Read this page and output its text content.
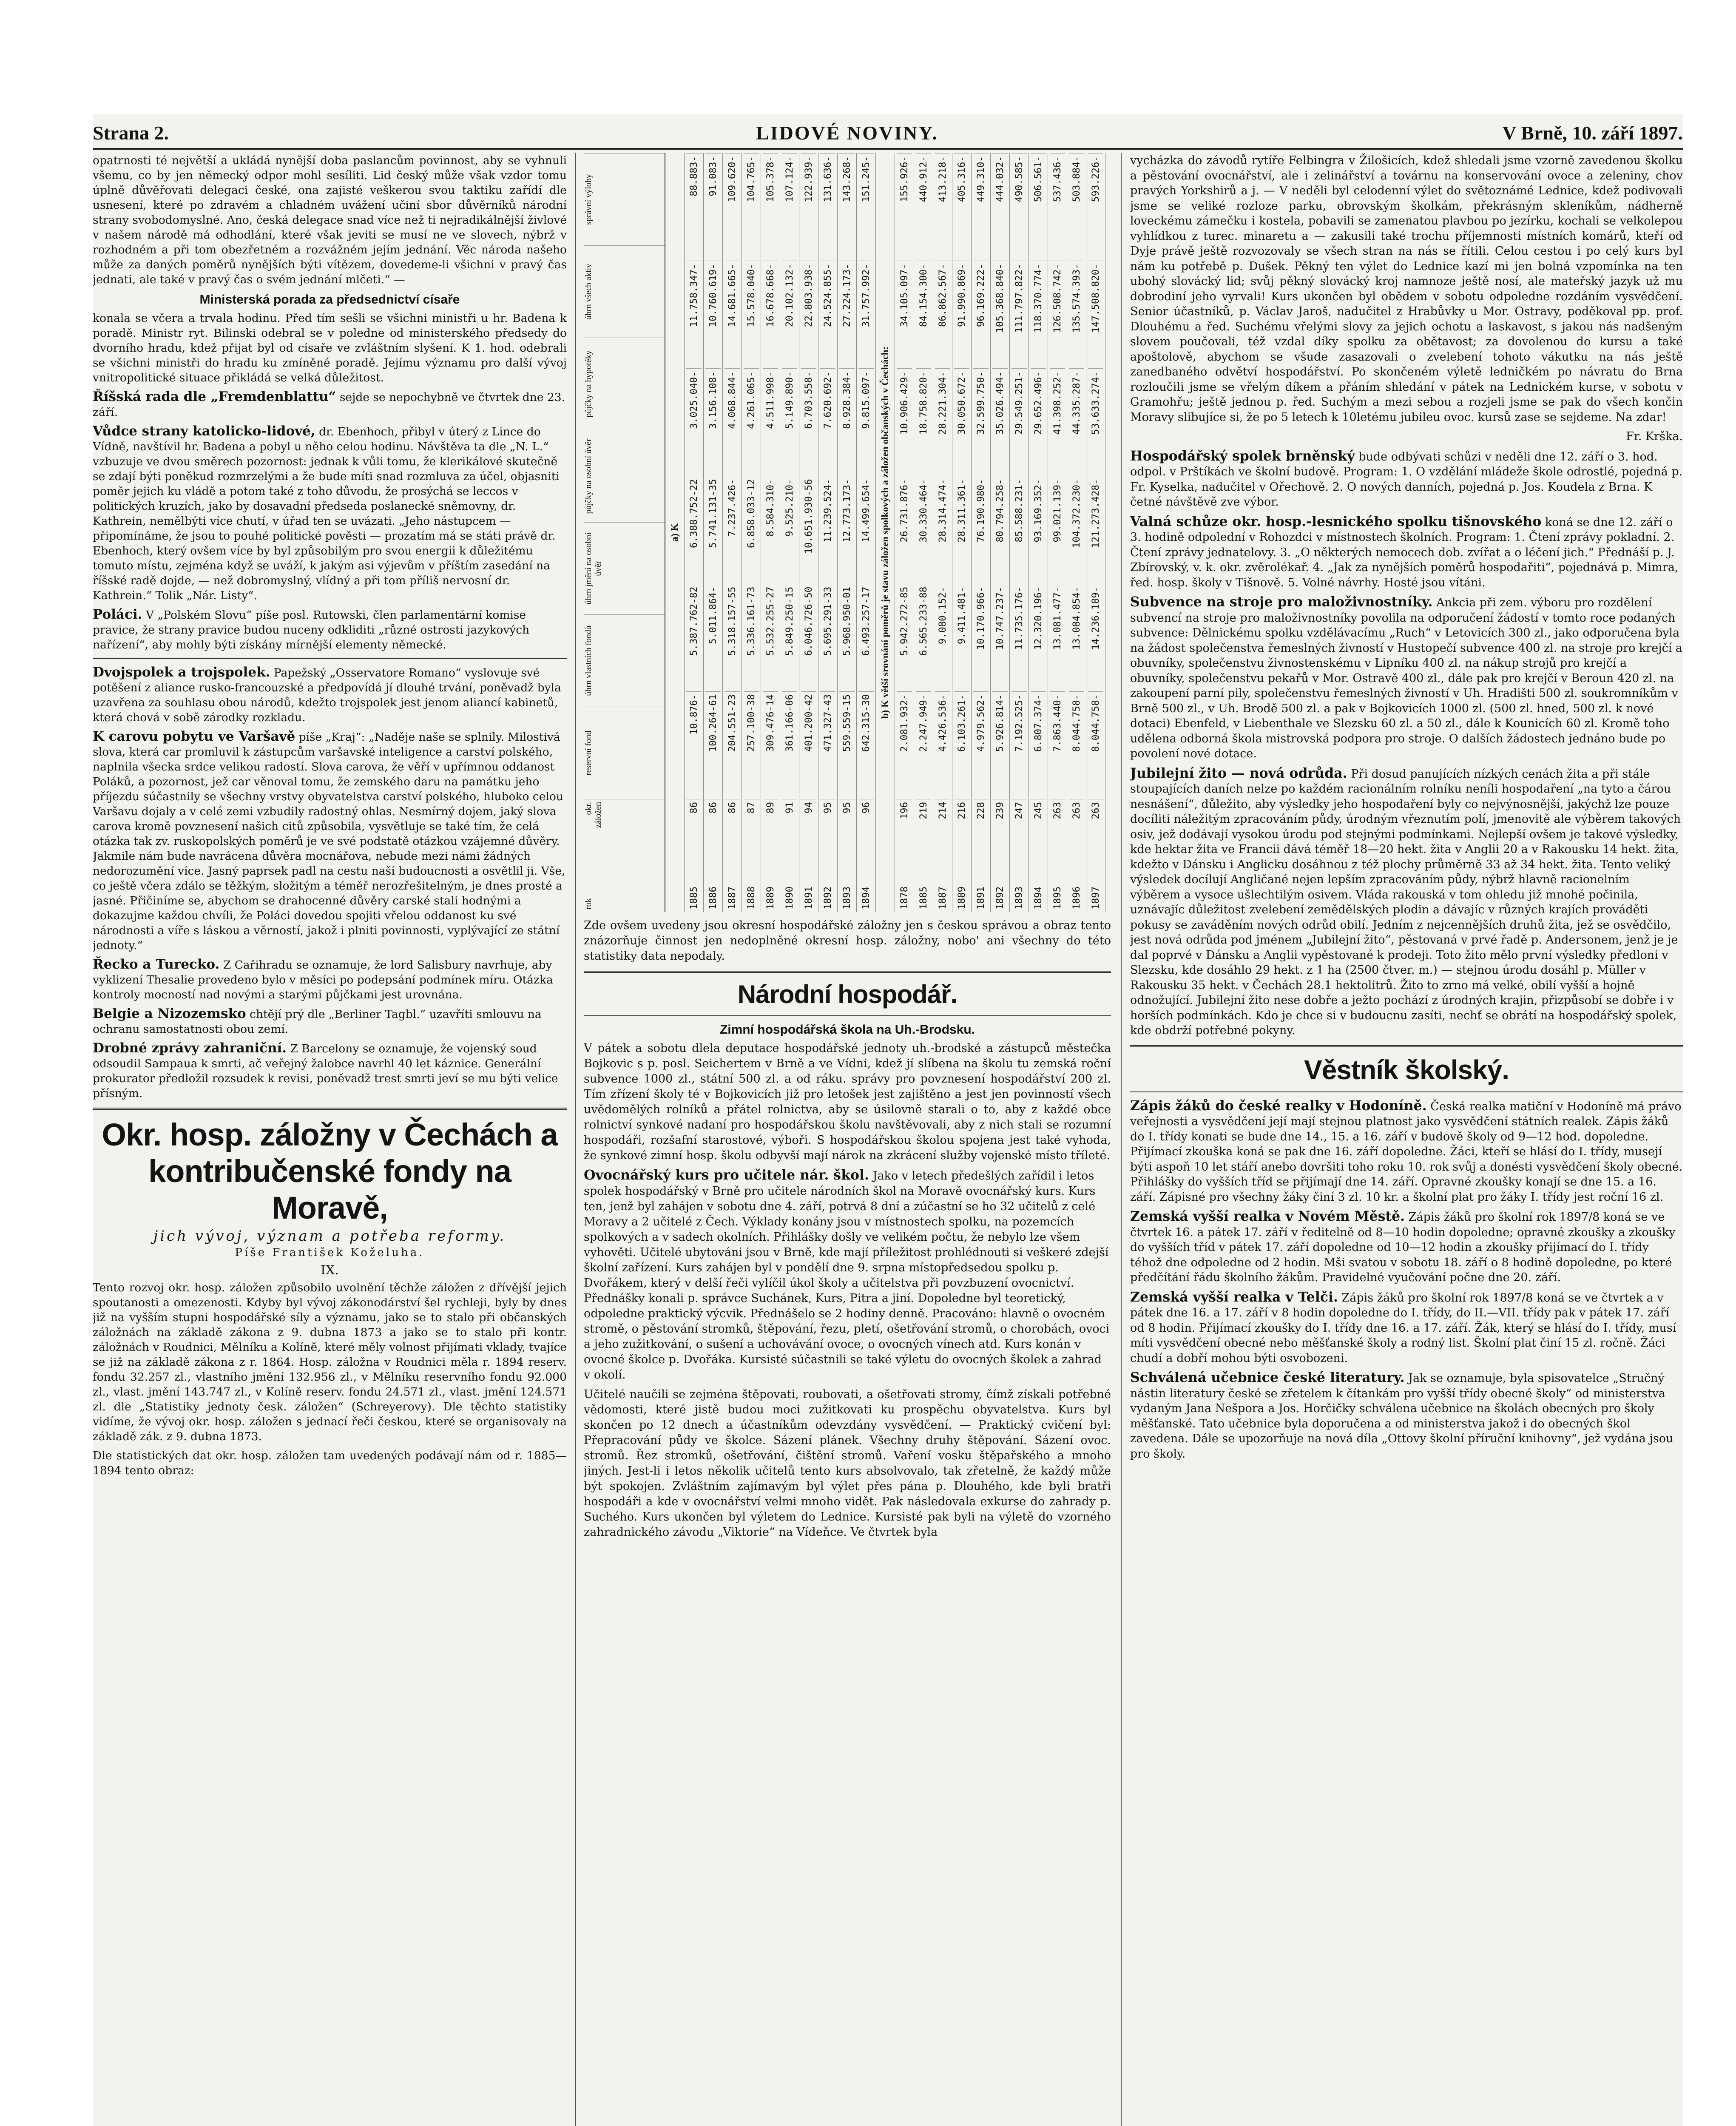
Strana 2.	LIDOVÉ NOVINY.	V Brně, 10. září 1897.

opatrnosti té největší a ukládá nynější doba paslancům povinnost, aby se vyhnuli všemu, co by jen německý odpor mohl sesíliti. Lid český může však vzdor tomu úplně důvěřovati delegaci české, ona zajisté veškerou svou taktiku zařídí dle usnesení, které po zdravém a chladném uvážení učiní sbor důvěrníků národní strany svobodomyslné. Ano, česká delegace snad více než ti nejradikálnější živlové v našem národě má odhodlání, které však jeviti se musí ne ve slovech, nýbrž v rozhodném a při tom obezřetném a rozvážném jejím jednání. Věc národa našeho může za daných poměrů nynějších býti vítězem, dovedeme-li všichni v pravý čas jednati, ale také v pravý čas o svém jednání mlčeti.“ —

Ministerská porada za předsednictví císaře

konala se včera a trvala hodinu. Před tím sešli se všichni ministři u hr. Badena k poradě. Ministr ryt. Bilinski odebral se v poledne od ministerského předsedy do dvorního hradu, kdež přijat byl od císaře ve zvláštním slyšení. K 1. hod. odebrali se všichni ministři do hradu ku zmíněné poradě. Jejímu významu pro další vývoj vnitropolitické situace přikládá se velká důležitost.

Říšská rada dle „Fremdenblattu“ sejde se nepochybně ve čtvrtek dne 23. září.

Vůdce strany katolicko-lidové, dr. Ebenhoch, přibyl v úterý z Lince do Vídně, navštívil hr. Badena a pobyl u něho celou hodinu. Návštěva ta dle „N. L.“ vzbuzuje ve dvou směrech pozornost: jednak k vůli tomu, že klerikálové skutečně se zdají býti poněkud rozmrzelými a že bude míti snad rozmluva za účel, objasniti poměr jejich ku vládě a potom také z toho důvodu, že prosýchá se leccos v politických kruzích, jako by dosavadní předseda poslanecké sněmovny, dr. Kathrein, nemělbýti více chutí, v úřad ten se uvázati. „Jeho nástupcem — připomínáme, že jsou to pouhé politické pověsti — prozatím má se státi právě dr. Ebenhoch, který ovšem více by byl způsobilým pro svou energii k důležitému tomuto místu, zejména když se uváží, k jakým asi výjevům v příštím zasedání na říšské radě dojde, — než dobromyslný, vlídný a při tom příliš nervosní dr. Kathrein.“ Tolik „Nár. Listy“.

Poláci. V „Polském Slovu“ píše posl. Rutowski, člen parlamentární komise pravice, že strany pravice budou nuceny odkliditi „různé ostrosti jazykových nařízení“, aby mohly býti získány mírnější elementy německé.

Dvojspolek a trojspolek. Papežský „Osservatore Romano“ vyslovuje své potěšení z aliance rusko-francouzské a předpovídá jí dlouhé trvání, poněvadž byla uzavřena za souhlasu obou národů, kdežto trojspolek jest jenom aliancí kabinetů, která chová v sobě zárodky rozkladu.

K carovu pobytu ve Varšavě píše „Kraj“: „Naděje naše se splnily. Milostivá slova, která car promluvil k zástupcům varšavské inteligence a carství polského, naplnila všecka srdce velikou radostí. Slova carova, že věří v upřímnou oddanost Poláků, a pozornost, jež car věnoval tomu, že zemského daru na památku jeho příjezdu súčastnily se všechny vrstvy obyvatelstva carství polského, hluboko celou Varšavu dojaly a v celé zemi vzbudily radostný ohlas. Nesmírný dojem, jaký slova carova kromě povznesení našich citů způsobila, vysvětluje se také tím, že celá otázka tak zv. ruskopolských poměrů je ve své podstatě otázkou vzájemné důvěry. Jakmile nám bude navrácena důvěra mocnářova, nebude mezi námi žádných nedorozumění více. Jasný paprsek padl na cestu naší budoucnosti a osvětlil ji. Vše, co ještě včera zdálo se těžkým, složitým a téměř nerozřešitelným, je dnes prosté a jasné. Přičiníme se, abychom se drahocenné důvěry carské stali hodnými a dokazujme každou chvíli, že Poláci dovedou spojiti vřelou oddanost ku své národnosti a víře s láskou a věrností, jakož i plniti povinnosti, vyplývající ze státní jednoty.“

Řecko a Turecko. Z Cařihradu se oznamuje, že lord Salisbury navrhuje, aby vyklizení Thesalie provedeno bylo v měsíci po podepsání podmínek míru. Otázka kontroly mocností nad novými a starými půjčkami jest urovnána.

Belgie a Nizozemsko chtějí prý dle „Berliner Tagbl.“ uzavříti smlouvu na ochranu samostatnosti obou zemí.

Drobné zprávy zahraniční. Z Barcelony se oznamuje, že vojenský soud odsoudil Sampaua k smrti, ač veřejný žalobce navrhl 40 let káznice. Generální prokurator předložil rozsudek k revisi, poněvadž trest smrti jeví se mu býti velice přísným.

Okr. hosp. záložny v Čechách a kontribučenské fondy na Moravě,
jich vývoj, význam a potřeba reformy.
Píše František Koželuha.
IX.

Tento rozvoj okr. hosp. záložen způsobilo uvolnění těchže záložen z dřívější jejich spoutanosti a omezenosti. Kdyby byl vývoj zákonodárství šel rychleji, byly by dnes již na vyšším stupni hospodářské síly a významu, jako se to stalo při občanských záložnách na základě zákona z 9. dubna 1873 a jako se to stalo při kontr. záložnách v Roudnici, Mělníku a Kolíně, které měly volnost přijímati vklady, tvajíce se již na základě zákona z r. 1864. Hosp. záložna v Roudnici měla r. 1894 reserv. fondu 32.257 zl., vlastního jmění 132.956 zl., v Mělníku reservního fondu 92.000 zl., vlast. jmění 143.747 zl., v Kolíně reserv. fondu 24.571 zl., vlast. jmění 124.571 zl. dle „Statistiky jednoty česk. záložen“ (Schreyerovy). Dle těchto statistiky vidíme, že vývoj okr. hosp. záložen s jednací řeči českou, které se organisovaly na základě zák. z 9. dubna 1873.

Dle statistických dat okr. hosp. záložen tam uvedených podávají nám od r. 1885—1894 tento obraz:

rok
okr. záložen
reservní fond
úhrn vlastních fondů
úhrn jmění na osobní úvěr
půjčky na osobní úvěr
půjčky na hypotéky
úhrn všech aktiv
správní výlohy
a) K
1885
86
10.876-
5.387.762-82
6.388.752-22
3.025.040-
11.758.347-
88.883-
1886
86
100.264-61
5.011.864-
5.741.131-35
3.156.108-
10.760.619-
91.083-
1887
86
204.551-23
5.318.157-55
7.237.426-
4.068.844-
14.681.665-
109.620-
1888
87
257.100-38
5.336.161-73
6.858.033-12
4.261.065-
15.578.040-
104.765-
1889
89
309.476-14
5.532.255-27
8.584.310-
4.511.998-
16.678.668-
105.378-
1890
91
361.166-06
5.849.250-15
9.525.210-
5.149.890-
20.102.132-
107.124-
1891
94
401.200-42
6.046.726-50
10.651.930-56
6.703.558-
22.803.938-
122.939-
1892
95
471.327-43
5.695.291-33
11.239.524-
7.620.692-
24.524.855-
131.636-
1893
95
559.559-15
5.968.950-01
12.773.173-
8.928.384-
27.224.173-
143.268-
1894
96
642.315-30
6.493.257-17
14.499.654-
9.815.097-
31.757.992-
151.245-
b) K větší srovnání poměrů je stavu záložen spolkových a záložen občanských v Čechách:
1878
196
2.081.932-
5.942.272-85
26.731.876-
10.906.429-
34.105.097-
155.926-
1885
219
2.247.949-
6.565.233-88
30.330.464-
18.758.820-
84.154.300-
440.912-
1887
214
4.426.536-
9.080.152-
28.314.474-
28.221.304-
86.862.567-
413.218-
1889
216
6.103.261-
9.411.481-
28.311.361-
30.050.672-
91.990.869-
405.316-
1891
228
4.979.562-
10.170.966-
76.190.980-
32.599.750-
96.169.222-
449.310-
1892
239
5.926.814-
10.747.237-
80.794.258-
35.026.494-
105.368.840-
444.032-
1893
247
7.192.525-
11.735.176-
85.588.231-
29.549.251-
111.797.822-
490.585-
1894
245
6.807.374-
12.320.196-
93.169.352-
29.652.496-
118.370.774-
506.561-
1895
263
7.863.440-
13.081.477-
99.021.139-
41.398.252-
126.508.742-
537.436-
1896
263
8.044.758-
13.084.854-
104.372.230-
44.335.287-
135.574.393-
503.884-
1897
263
8.044.758-
14.236.189-
121.273.428-
53.633.274-
147.508.820-
593.226-

Zde ovšem uvedeny jsou okresní hospodářské záložny jen s českou správou a obraz tento znázorňuje činnost jen nedoplněné okresní hosp. záložny, nobo' ani všechny do této statistiky data nepodaly.

Národní hospodář.
Zimní hospodářská škola na Uh.-Brodsku.

V pátek a sobotu dlela deputace hospodářské jednoty uh.-brodské a zástupců městečka Bojkovic s p. posl. Seichertem v Brně a ve Vídni, kdež jí slíbena na školu tu zemská roční subvence 1000 zl., státní 500 zl. a od ráku. správy pro povznesení hospodářství 200 zl. Tím zřízení školy té v Bojkovicích již pro letošek jest zajištěno a jest jen povinností všech uvědomělých rolníků a přátel rolnictva, aby se úsilovně starali o to, aby z každé obce rolnictví synkové nadaní pro hospodářskou školu navštěvovali, aby z nich stali se rozumní hospodáři, rozšafní starostové, výboři. S hospodářskou školou spojena jest také vyhoda, že synkové zimní hosp. školu odbyvší mají nárok na zkrácení služby vojenské místo tříleté.

Ovocnářský kurs pro učitele nár. škol. Jako v letech předešlých zařídil i letos spolek hospodářský v Brně pro učitele národních škol na Moravě ovocnářský kurs. Kurs ten, jenž byl zahájen v sobotu dne 4. září, potrvá 8 dní a zúčastní se ho 32 učitelů z celé Moravy a 2 učitelé z Čech. Výklady konány jsou v místnostech spolku, na pozemcích spolkových a v sadech okolních. Přihlášky došly ve velikém počtu, že nebylo lze všem vyhověti. Učitelé ubytováni jsou v Brně, kde mají příležitost prohlédnouti si veškeré zdejší školní zařízení. Kurs zahájen byl v pondělí dne 9. srpna místopředsedou spolku p. Dvořákem, který v delší řeči vylíčil úkol školy a učitelstva při povzbuzení ovocnictví. Přednášky konali p. správce Suchánek, Kurs, Pitra a jiní. Dopoledne byl teoretický, odpoledne praktický výcvik. Přednášelo se 2 hodiny denně. Pracováno: hlavně o ovocném stromě, o pěstování stromků, štěpování, řezu, pletí, ošetřování stromů, o chorobách, ovoci a jeho zužitkování, o sušení a uchovávání ovoce, o ovocných vínech atd. Kurs konán v ovocné školce p. Dvořáka. Kursisté súčastnili se také výletu do ovocných školek a zahrad v okolí.

Učitelé naučili se zejména štěpovati, roubovati, a ošetřovati stromy, čímž získali potřebné vědomosti, které jistě budou moci zužitkovati ku prospěchu obyvatelstva. Kurs byl skončen po 12 dnech a účastníkům odevzdány vysvědčení. — Praktický cvičení byl: Přepracování půdy ve školce. Sázení plánek. Všechny druhy štěpování. Sázení ovoc. stromů. Řez stromků, ošetřování, čištění stromů. Vaření vosku štěpařského a mnoho jiných. Jest-li i letos několik učitelů tento kurs absolvovalo, tak zřetelně, že každý může být spokojen. Zvláštním zajímavým byl výlet přes pána p. Dlouhého, kde byli bratři hospodáři a kde v ovocnářství velmi mnoho vidět. Pak následovala exkurse do zahrady p. Suchého. Kurs ukončen byl výletem do Lednice. Kursisté pak byli na výletě do vzorného zahradnického závodu „Viktorie“ na Vídeňce. Ve čtvrtek byla

vycházka do závodů rytíře Felbingra v Žilošicích, kdež shledali jsme vzorně zavedenou školku a pěstování ovocnářství, ale i zelinářství a továrnu na konservování ovoce a zeleniny, chov pravých Yorkshirů a j. — V neděli byl celodenní výlet do světoznámé Lednice, kdež podivovali jsme se veliké rozloze parku, obrovským školkám, překrásným skleníkům, nádherně loveckému zámečku i kostela, pobavili se zamenatou plavbou po jezírku, kochali se velkolepou vyhlídkou z turec. minaretu a — zakusili také trochu příjemnosti místních komárů, kteří od Dyje právě ještě rozvozovaly se všech stran na nás se řítili. Celou cestou i po celý kurs byl nám ku potřebě p. Dušek. Pěkný ten výlet do Lednice kazí mi jen bolná vzpomínka na ten ubohý slovácký lid; svůj pěkný slovácký kroj namnoze ještě nosí, ale mateřský jazyk už mu dobrodiní jeho vyrvali! Kurs ukončen byl obědem v sobotu odpoledne rozdáním vysvědčení. Senior účastníků, p. Václav Jaroš, nadučitel z Hrabůvky u Mor. Ostravy, poděkoval pp. prof. Dlouhému a řed. Suchému vřelými slovy za jejich ochotu a laskavost, s jakou nás nadšeným slovem poučovali, též vzdal díky spolku za obětavost; za dovolenou do kursu a také apoštolově, abychom se všude zasazovali o zvelebení tohoto vákutku na nás ještě zanedbaného odvětví hospodářství. Po skončeném výletě ledničkém po návratu do Brna rozloučili jsme se vřelým díkem a přáním shledání v pátek na Lednickém kurse, v sobotu v Gramohřu; ještě jednou p. řed. Suchým a mezi sebou a rozjeli jsme se pak do všech končin Moravy slibujíce si, že po 5 letech k 10letému jubileu ovoc. kursů zase se sejdeme. Na zdar!

Fr. Krška.

Hospodářský spolek brněnský bude odbývati schůzi v neděli dne 12. září o 3. hod. odpol. v Prštíkách ve školní budově. Program: 1. O vzdělání mládeže škole odrostlé, pojedná p. Fr. Kyselka, nadučitel v Ořechově. 2. O nových danních, pojedná p. Jos. Koudela z Brna. K četné návštěvě zve výbor.

Valná schůze okr. hosp.-lesnického spolku tišnovského koná se dne 12. září o 3. hodině odpolední v Rohozdci v místnostech školních. Program: 1. Čtení zprávy pokladní. 2. Čtení zprávy jednatelovy. 3. „O některých nemocech dob. zvířat a o léčení jich.“ Přednáší p. J. Zbírovský, v. k. okr. zvěrolékař. 4. „Jak za nynějších poměrů hospodařiti“, pojednává p. Mimra, řed. hosp. školy v Tišnově. 5. Volné návrhy. Hosté jsou vítáni.

Subvence na stroje pro maloživnostníky. Ankcia při zem. výboru pro rozdělení subvencí na stroje pro maloživnostníky povolila na odporučení žádostí v tomto roce podaných subvence: Dělnickému spolku vzdělávacímu „Ruch“ v Letovicích 300 zl., jako odporučena byla na žádost společenstva řemeslných živností v Hustopečí subvence 400 zl. na stroje pro krejčí a obuvníky, společenstvu živnostenskému v Lipníku 400 zl. na nákup strojů pro krejčí a obuvníky, společenstvu pekařů v Mor. Ostravě 400 zl., dále pak pro krejčí v Beroun 420 zl. na zakoupení parní pily, společenstvu řemeslných živností v Uh. Hradišti 500 zl. soukromníkům v Brně 500 zl., v Uh. Brodě 500 zl. a pak v Bojkovicích 1000 zl. (500 zl. hned, 500 zl. k nové dotaci) Ebenfeld, v Liebenthale ve Slezsku 60 zl. a 50 zl., dále k Kounicích 60 zl. Kromě toho udělena odborná škola mistrovská podpora pro stroje. O dalších žádostech jednáno bude po povolení nové dotace.

Jubilejní žito — nová odrůda. Při dosud panujících nízkých cenách žita a při stále stoupajících daních nelze po každém racionálním rolníku neníli hospodaření „na tyto a čárou nesnášení“, důležito, aby výsledky jeho hospodaření byly co nejvýnosnější, jakýchž lze pouze docíliti náležitým zpracováním půdy, úrodným vřeznutím polí, jmenovitě ale výběrem takových osiv, jež dodávají vysokou úrodu pod stejnými podmínkami. Nejlepší ovšem je takové výsledky, kde hektar žita ve Francii dává téměř 18—20 hekt. žita v Anglii 20 a v Rakousku 14 hekt. žita, kdežto v Dánsku i Anglicku dosáhnou z též plochy průměrně 33 až 34 hekt. žita. Tento veliký výsledek docílují Angličané nejen lepším zpracováním půdy, nýbrž hlavně racionelním výběrem a vysoce ušlechtilým osivem. Vláda rakouská v tom ohledu již mnohé počinila, uznávajíc důležitost zvelebení zemědělských plodin a dávajíc v různých krajích prováděti pokusy se zaváděním nových odrůd obilí. Jedním z nejcennějších druhů žita, jež se osvědčilo, jest nová odrůda pod jménem „Jubilejní žito“, pěstovaná v prvé řadě p. Andersonem, jenž je je dal poprvé v Dánsku a Anglii vypěstované k prodeji. Toto žito mělo první výsledky předloni v Slezsku, kde dosáhlo 29 hekt. z 1 ha (2500 čtver. m.) — stejnou úrodu dosáhl p. Müller v Rakousku 35 hekt. v Čechách 28.1 hektolitrů. Žito to zrno má velké, obilí vyšší a hojně odnožující. Jubilejní žito nese dobře a ježto pochází z úrodných krajin, přizpůsobí se dobře i v horších podmínkách. Kdo je chce si v budoucnu zasíti, nechť se obrátí na hospodářský spolek, kde obdrží potřebné pokyny.

Věstník školský.

Zápis žáků do české realky v Hodoníně. Česká realka matiční v Hodoníně má právo veřejnosti a vysvědčení její mají stejnou platnost jako vysvědčení státních realek. Zápis žáků do I. třídy konati se bude dne 14., 15. a 16. září v budově školy od 9—12 hod. dopoledne. Přijímací zkouška koná se pak dne 16. září dopoledne. Žáci, kteří se hlásí do I. třídy, musejí býti aspoň 10 let stáří anebo dovršiti toho roku 10. rok svůj a donésti vysvědčení školy obecné. Přihlášky do vyšších tříd se přijímají dne 14. září. Opravné zkoušky konají se dne 15. a 16. září. Zápisné pro všechny žáky činí 3 zl. 10 kr. a školní plat pro žáky I. třídy jest roční 16 zl.

Zemská vyšší realka v Novém Městě. Zápis žáků pro školní rok 1897/8 koná se ve čtvrtek 16. a pátek 17. září v ředitelně od 8—10 hodin dopoledne; opravné zkoušky a zkoušky do vyšších tříd v pátek 17. září dopoledne od 10—12 hodin a zkoušky přijímací do I. třídy téhož dne odpoledne od 2 hodin. Mši svatou v sobotu 18. září o 8 hodině dopoledne, po které předčítání řádu školního žákům. Pravidelné vyučování počne dne 20. září.

Zemská vyšší realka v Telči. Zápis žáků pro školní rok 1897/8 koná se ve čtvrtek a v pátek dne 16. a 17. září v 8 hodin dopoledne do I. třídy, do II.—VII. třídy pak v pátek 17. září od 8 hodin. Přijímací zkoušky do I. třídy dne 16. a 17. září. Žák, který se hlásí do I. třídy, musí míti vysvědčení obecné nebo měšťanské školy a rodný list. Školní plat činí 15 zl. ročně. Žáci chudí a dobří mohou býti osvobozeni.

Schválená učebnice české literatury. Jak se oznamuje, byla spisovatelce „Stručný nástin literatury české se zřetelem k čítankám pro vyšší třídy obecné školy“ od ministerstva vydaným Jana Nešpora a Jos. Horčičky schválena učebnice na školách obecných pro školy měšťanské. Tato učebnice byla doporučena a od ministerstva jakož i do obecných škol zavedena. Dále se upozorňuje na nová díla „Ottovy školní příruční knihovny“, jež vydána jsou pro školy.
